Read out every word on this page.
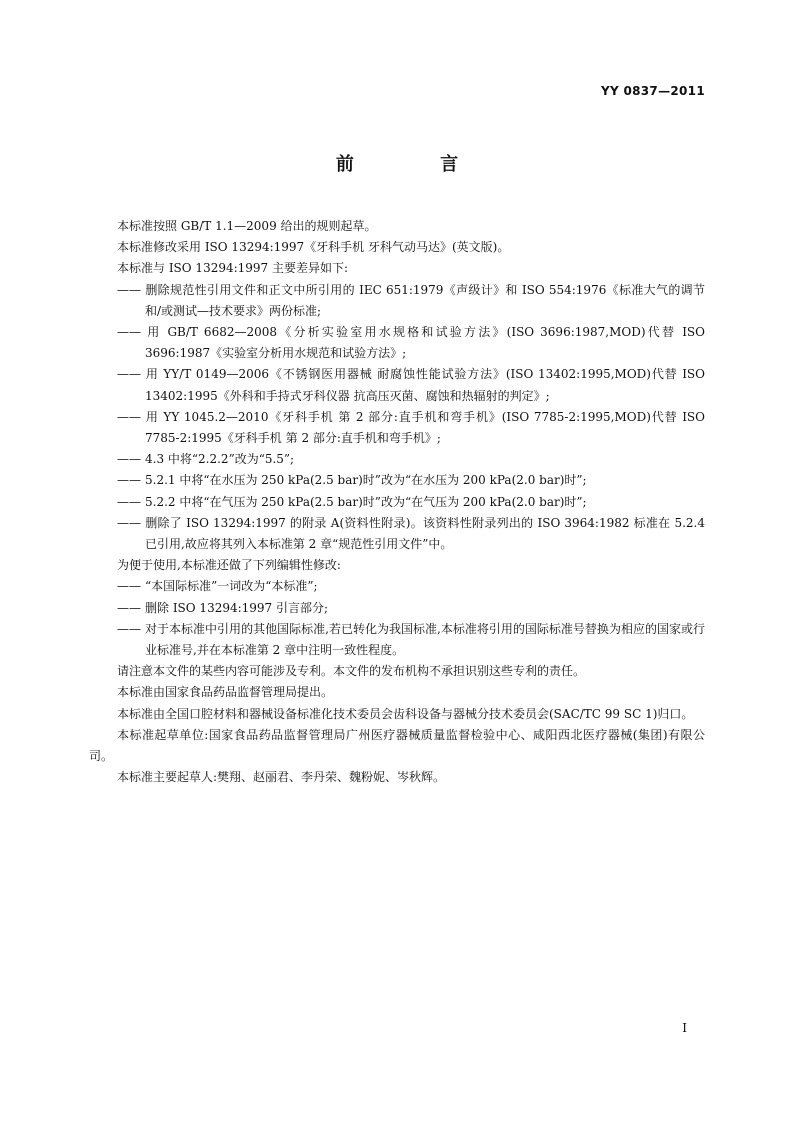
YY 0837—2011
前 言

本标准按照 GB/T 1.1—2009 给出的规则起草。

本标准修改采用 ISO 13294:1997《牙科手机 牙科气动马达》(英文版)。

本标准与 ISO 13294:1997 主要差异如下:

—— 删除规范性引用文件和正文中所引用的 IEC 651:1979《声级计》和 ISO 554:1976《标准大气的调节和/或测试—技术要求》两份标准;

—— 用 GB/T 6682—2008《分析实验室用水规格和试验方法》(ISO 3696:1987,MOD)代替 ISO 3696:1987《实验室分析用水规范和试验方法》;

—— 用 YY/T 0149—2006《不锈钢医用器械 耐腐蚀性能试验方法》(ISO 13402:1995,MOD)代替 ISO 13402:1995《外科和手持式牙科仪器 抗高压灭菌、腐蚀和热辐射的判定》;

—— 用 YY 1045.2—2010《牙科手机 第 2 部分:直手机和弯手机》(ISO 7785-2:1995,MOD)代替 ISO 7785-2:1995《牙科手机 第 2 部分:直手机和弯手机》;

—— 4.3 中将“2.2.2”改为“5.5”;

—— 5.2.1 中将“在水压为 250 kPa(2.5 bar)时”改为“在水压为 200 kPa(2.0 bar)时”;

—— 5.2.2 中将“在气压为 250 kPa(2.5 bar)时”改为“在气压为 200 kPa(2.0 bar)时”;

—— 删除了 ISO 13294:1997 的附录 A(资料性附录)。该资料性附录列出的 ISO 3964:1982 标准在 5.2.4 已引用,故应将其列入本标准第 2 章“规范性引用文件”中。

为便于使用,本标准还做了下列编辑性修改:

—— “本国际标准”一词改为“本标准”;

—— 删除 ISO 13294:1997 引言部分;

—— 对于本标准中引用的其他国际标准,若已转化为我国标准,本标准将引用的国际标准号替换为相应的国家或行业标准号,并在本标准第 2 章中注明一致性程度。

请注意本文件的某些内容可能涉及专利。本文件的发布机构不承担识别这些专利的责任。

本标准由国家食品药品监督管理局提出。

本标准由全国口腔材料和器械设备标准化技术委员会齿科设备与器械分技术委员会(SAC/TC 99 SC 1)归口。

本标准起草单位:国家食品药品监督管理局广州医疗器械质量监督检验中心、咸阳西北医疗器械(集团)有限公司。

本标准主要起草人:樊翔、赵丽君、李丹荣、魏粉妮、岑秋辉。

I
